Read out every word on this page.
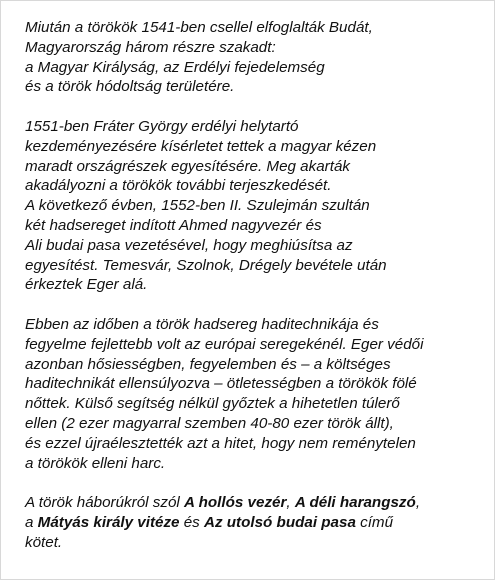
Miután a törökök 1541-ben csellel elfoglalták Budát,
Magyarország három részre szakadt:
a Magyar Királyság, az Erdélyi fejedelemség
és a török hódoltság területére.

1551-ben Fráter György erdélyi helytartó
kezdeményezésére kísérletet tettek a magyar kézen
maradt országrészek egyesítésére. Meg akarták
akadályozni a törökök további terjeszkedését.
A következő évben, 1552-ben II. Szulejmán szultán
két hadsereget indított Ahmed nagyvezér és
Ali budai pasa vezetésével, hogy meghiúsítsa az
egyesítést. Temesvár, Szolnok, Drégely bevétele után
érkeztek Eger alá.

Ebben az időben a török hadsereg haditechnikája és
fegyelme fejlettebb volt az európai seregekénél. Eger védői
azonban hősiességben, fegyelemben és – a költséges
haditechnikát ellensúlyozva – ötletességben a törökök fölé
nőttek. Külső segítség nélkül győztek a hihetetlen túlerő
ellen (2 ezer magyarral szemben 40-80 ezer török állt),
és ezzel újraélesztették azt a hitet, hogy nem reménytelen
a törökök elleni harc.

A török háborúkról szól A hollós vezér, A déli harangszó,
a Mátyás király vitéze és Az utolsó budai pasa című
kötet.
